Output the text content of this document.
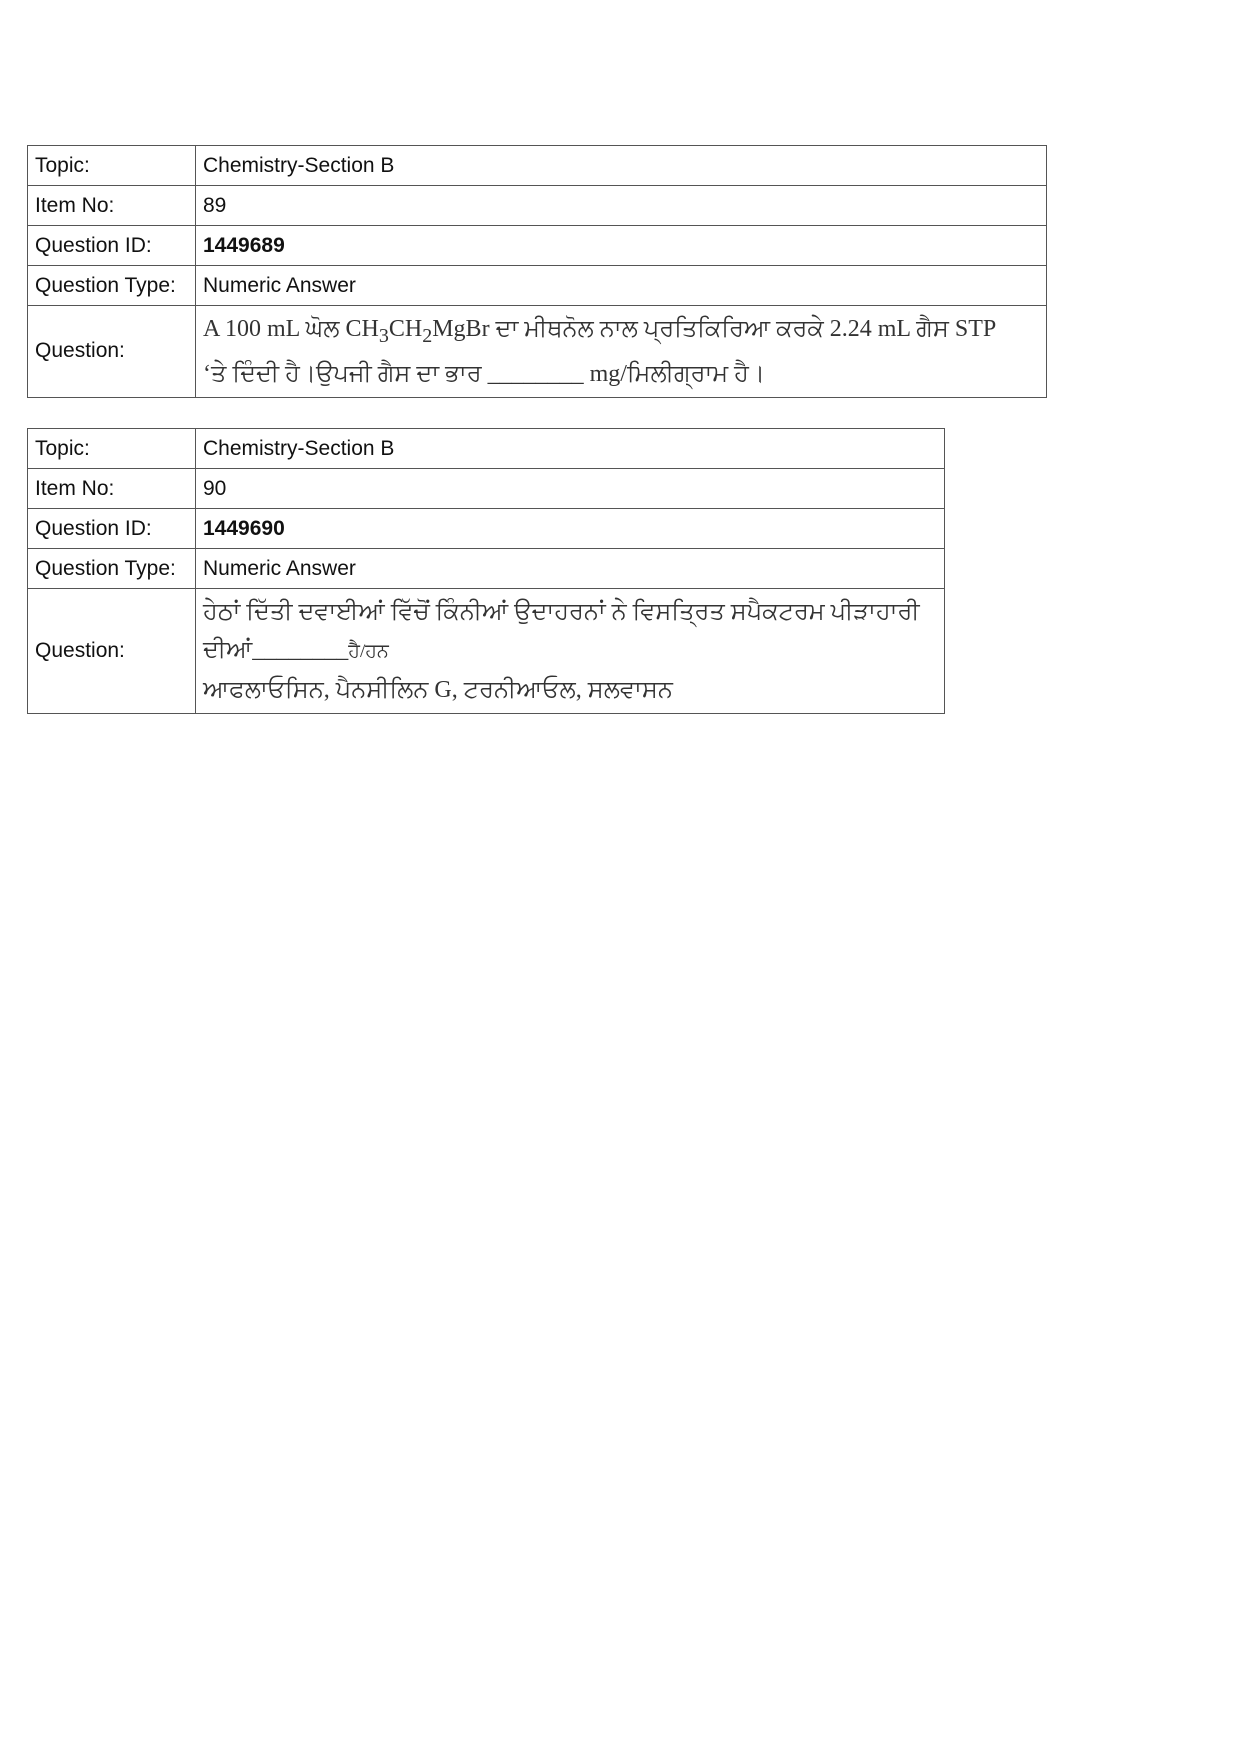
Topic:	Chemistry-Section B
Item No:	89
Question ID:	1449689
Question Type:	Numeric Answer
Question:	A 100 mL ਘੋਲ $CH_3CH_2MgBr$ ਦਾ ਮੀਥਨੋਲ ਨਾਲ ਪ੍ਰਤਿਕਿਰਿਆ ਕਰਕੇ 2.24 mL ਗੈਸ STP
‘ਤੇ ਦਿੰਦੀ ਹੈ।ਉਪਜੀ ਗੈਸ ਦਾ ਭਾਰ ________ mg/ਮਿਲੀਗ੍ਰਾਮ ਹੈ।
Topic:	Chemistry-Section B
Item No:	90
Question ID:	1449690
Question Type:	Numeric Answer
Question:	ਹੇਠਾਂ ਦਿੱਤੀ ਦਵਾਈਆਂ ਵਿੱਚੋਂ ਕਿੰਨੀਆਂ ਉਦਾਹਰਨਾਂ ਨੇ ਵਿਸਤ੍ਰਿਤ ਸਪੈਕਟਰਮ ਪੀੜਾਹਾਰੀ
ਦੀਆਂ________ਹੈ/ਹਨ
ਆਫਲਾਓਸਿਨ, ਪੈਨਸੀਲਿਨ G, ਟਰਨੀਆਓਲ, ਸਲਵਾਸਨ
